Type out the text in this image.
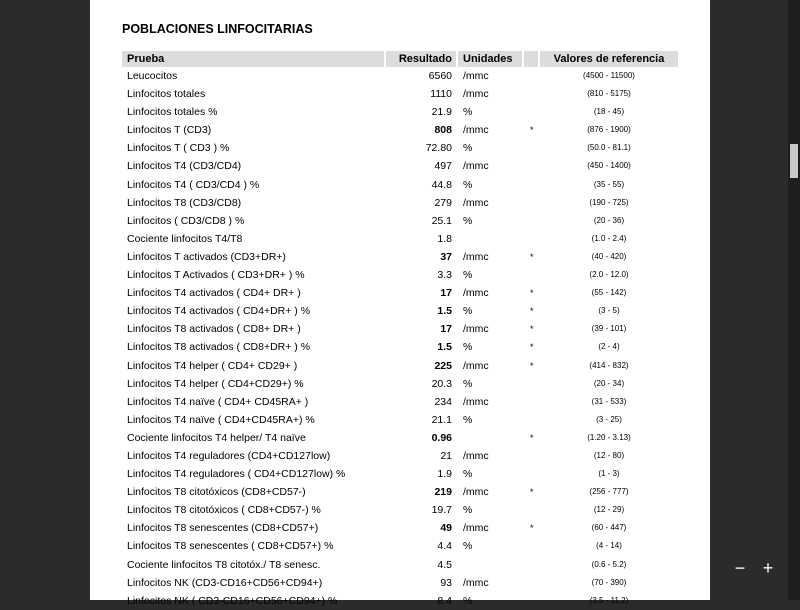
POBLACIONES LINFOCITARIAS
Prueba	Resultado	Unidades	Valores de referencia
Leucocitos	6560 /mmc	(4500 - 11500)
Linfocitos totales	1110 /mmc	(810 - 5175)
Linfocitos totales %	21.9 %	(18 - 45)
Linfocitos T (CD3)	808 /mmc	*	(876 - 1900)
Linfocitos T ( CD3 ) %	72.80 %	(50.0 - 81.1)
Linfocitos T4 (CD3/CD4)	497 /mmc	(450 - 1400)
Linfocitos T4 ( CD3/CD4 ) %	44.8 %	(35 - 55)
Linfocitos T8 (CD3/CD8)	279 /mmc	(190 - 725)
Linfocitos ( CD3/CD8 ) %	25.1 %	(20 - 36)
Cociente linfocitos T4/T8	1.8	(1.0 - 2.4)
Linfocitos T activados (CD3+DR+)	37 /mmc	*	(40 - 420)
Linfocitos T Activados ( CD3+DR+ ) %	3.3 %	(2.0 - 12.0)
Linfocitos T4 activados ( CD4+ DR+ )	17 /mmc	*	(55 - 142)
Linfocitos T4 activados ( CD4+DR+ ) %	1.5 %	*	(3 - 5)
Linfocitos T8 activados ( CD8+ DR+ )	17 /mmc	*	(39 - 101)
Linfocitos T8 activados ( CD8+DR+ ) %	1.5 %	*	(2 - 4)
Linfocitos T4 helper ( CD4+ CD29+ )	225 /mmc	*	(414 - 832)
Linfocitos T4 helper ( CD4+CD29+) %	20.3 %	(20 - 34)
Linfocitos T4 naïve ( CD4+ CD45RA+ )	234 /mmc	(31 - 533)
Linfocitos T4 naïve ( CD4+CD45RA+) %	21.1 %	(3 - 25)
Cociente linfocitos T4 helper/ T4 naïve	0.96	*	(1.20 - 3.13)
Linfocitos T4 reguladores (CD4+CD127low)	21 /mmc	(12 - 80)
Linfocitos T4 reguladores ( CD4+CD127low) %	1.9 %	(1 - 3)
Linfocitos T8 citotóxicos (CD8+CD57-)	219 /mmc	*	(256 - 777)
Linfocitos T8 citotóxicos ( CD8+CD57-) %	19.7 %	(12 - 29)
Linfocitos T8 senescentes (CD8+CD57+)	49 /mmc	*	(60 - 447)
Linfocitos T8 senescentes ( CD8+CD57+) %	4.4 %	(4 - 14)
Cociente linfocitos T8 citotóx./ T8 senesc.	4.5	(0.6 - 5.2)
Linfocitos NK (CD3-CD16+CD56+CD94+)	93 /mmc	(70 - 390)
Linfocitos NK ( CD3-CD16+CD56+CD94+) %	8.4 %	(3.5 - 11.2)
− +
